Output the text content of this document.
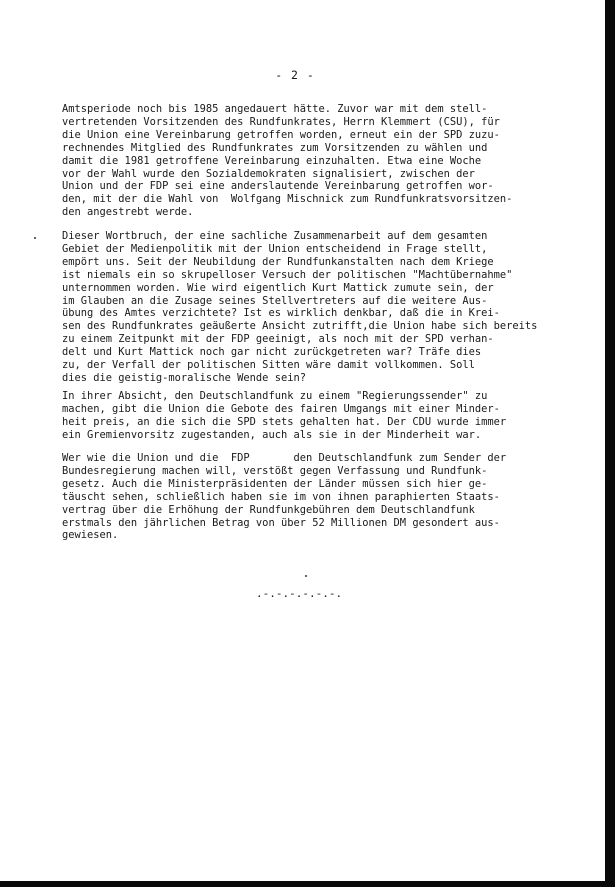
- 2 -

Amtsperiode noch bis 1985 angedauert hätte. Zuvor war mit dem stell-
vertretenden Vorsitzenden des Rundfunkrates, Herrn Klemmert (CSU), für
die Union eine Vereinbarung getroffen worden, erneut ein der SPD zuzu-
rechnendes Mitglied des Rundfunkrates zum Vorsitzenden zu wählen und
damit die 1981 getroffene Vereinbarung einzuhalten. Etwa eine Woche
vor der Wahl wurde den Sozialdemokraten signalisiert, zwischen der
Union und der FDP sei eine anderslautende Vereinbarung getroffen wor-
den, mit der die Wahl von  Wolfgang Mischnick zum Rundfunkratsvorsitzen-
den angestrebt werde.

Dieser Wortbruch, der eine sachliche Zusammenarbeit auf dem gesamten
Gebiet der Medienpolitik mit der Union entscheidend in Frage stellt,
empört uns. Seit der Neubildung der Rundfunkanstalten nach dem Kriege
ist niemals ein so skrupelloser Versuch der politischen "Machtübernahme"
unternommen worden. Wie wird eigentlich Kurt Mattick zumute sein, der
im Glauben an die Zusage seines Stellvertreters auf die weitere Aus-
übung des Amtes verzichtete? Ist es wirklich denkbar, daß die in Krei-
sen des Rundfunkrates geäußerte Ansicht zutrifft,die Union habe sich bereits
zu einem Zeitpunkt mit der FDP geeinigt, als noch mit der SPD verhan-
delt und Kurt Mattick noch gar nicht zurückgetreten war? Träfe dies
zu, der Verfall der politischen Sitten wäre damit vollkommen. Soll
dies die geistig-moralische Wende sein?

In ihrer Absicht, den Deutschlandfunk zu einem "Regierungssender" zu
machen, gibt die Union die Gebote des fairen Umgangs mit einer Minder-
heit preis, an die sich die SPD stets gehalten hat. Der CDU wurde immer
ein Gremienvorsitz zugestanden, auch als sie in der Minderheit war.

Wer wie die Union und die  FDP       den Deutschlandfunk zum Sender der
Bundesregierung machen will, verstößt gegen Verfassung und Rundfunk-
gesetz. Auch die Ministerpräsidenten der Länder müssen sich hier ge-
täuscht sehen, schließlich haben sie im von ihnen paraphierten Staats-
vertrag über die Erhöhung der Rundfunkgebühren dem Deutschlandfunk
erstmals den jährlichen Betrag von über 52 Millionen DM gesondert aus-
gewiesen.

.-.-.-.-.-.-.
